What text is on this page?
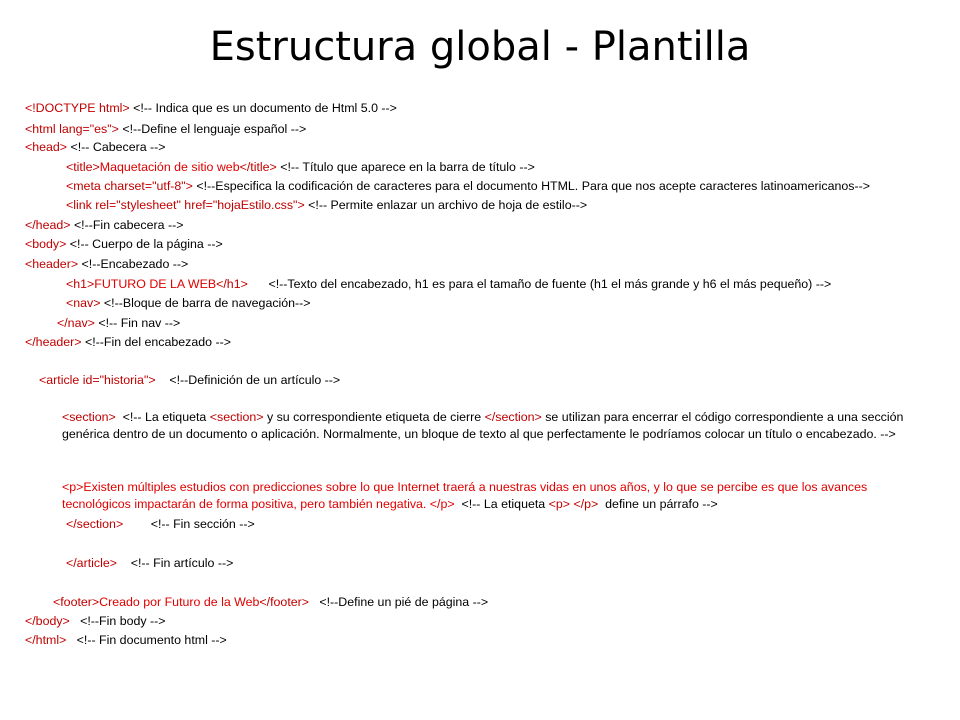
Estructura global - Plantilla
<!DOCTYPE html> <!-- Indica que es un documento de Html 5.0 -->
<html lang="es"> <!--Define el lenguaje español -->
<head> <!-- Cabecera -->
<title>Maquetación de sitio web</title> <!-- Título que aparece en la barra de título -->
<meta charset="utf-8"> <!--Especifica la codificación de caracteres para el documento HTML. Para que nos acepte caracteres latinoamericanos-->
<link rel="stylesheet" href="hojaEstilo.css"> <!-- Permite enlazar un archivo de hoja de estilo-->
</head> <!--Fin cabecera -->
<body> <!-- Cuerpo de la página -->
<header> <!--Encabezado -->
<h1>FUTURO DE LA WEB</h1> <!--Texto del encabezado, h1 es para el tamaño de fuente (h1 el más grande y h6 el más pequeño) -->
<nav> <!--Bloque de barra de navegación-->
</nav> <!-- Fin nav -->
</header> <!--Fin del encabezado -->
<article id="historia"> <!--Definición de un artículo -->
<section>  <!-- La etiqueta <section> y su correspondiente etiqueta de cierre </section> se utilizan para encerrar el código correspondiente a una sección genérica dentro de un documento o aplicación. Normalmente, un bloque de texto al que perfectamente le podríamos colocar un título o encabezado. -->
<p>Existen múltiples estudios con predicciones sobre lo que Internet traerá a nuestras vidas en unos años, y lo que se percibe es que los avances tecnológicos impactarán de forma positiva, pero también negativa. </p>  <!-- La etiqueta <p> </p>  define un párrafo -->
</section> <!-- Fin sección -->
</article> <!-- Fin artículo -->
<footer>Creado por Futuro de la Web</footer> <!--Define un pié de página -->
</body> <!--Fin body -->
</html> <!-- Fin documento html -->
